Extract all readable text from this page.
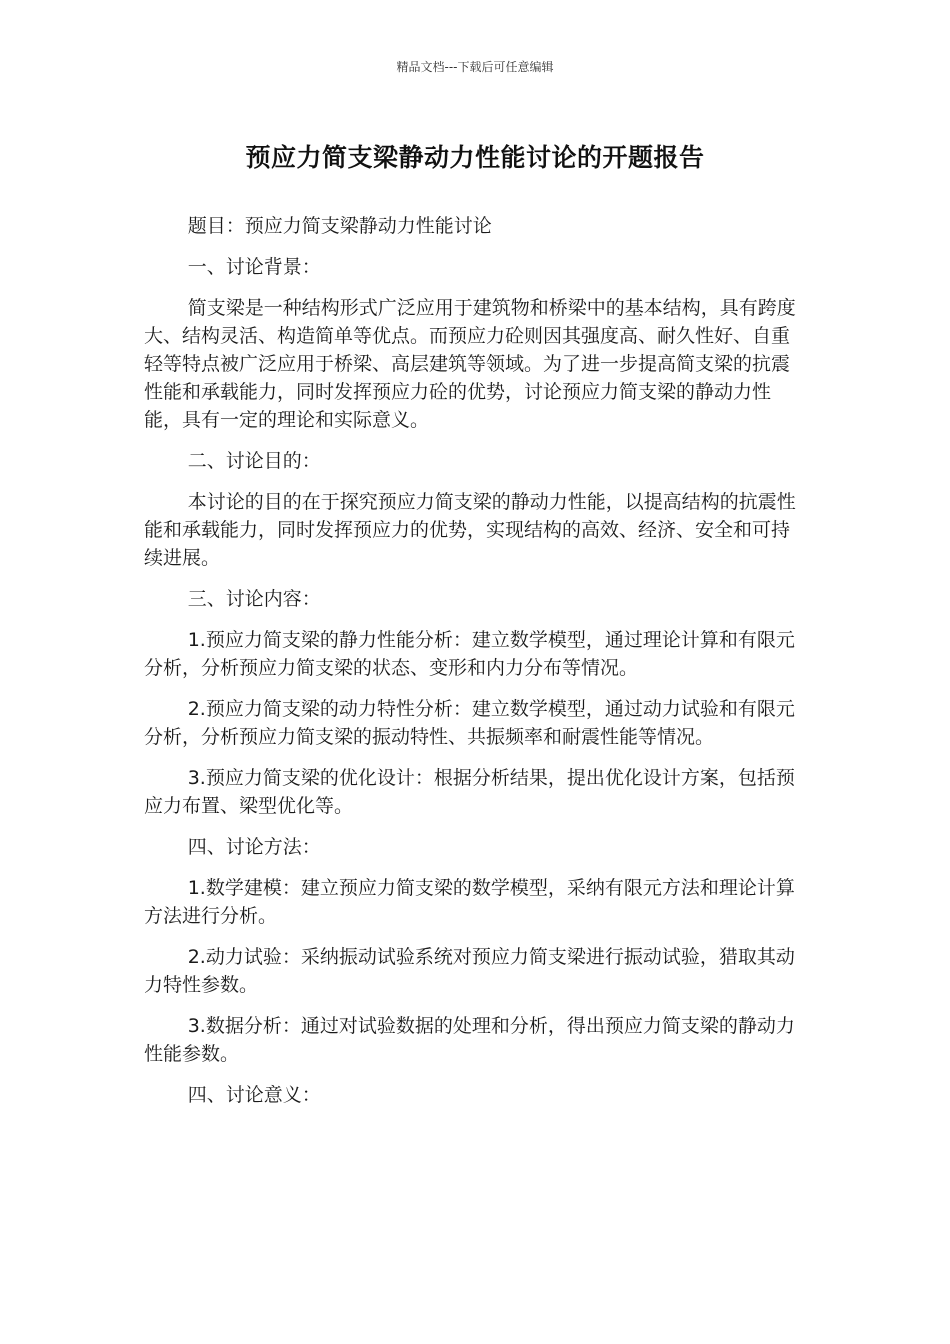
精品文档---下载后可任意编辑
预应力简支梁静动力性能讨论的开题报告

题目：预应力简支梁静动力性能讨论

一、讨论背景：

简支梁是一种结构形式广泛应用于建筑物和桥梁中的基本结构，具有跨度大、结构灵活、构造简单等优点。而预应力砼则因其强度高、耐久性好、自重轻等特点被广泛应用于桥梁、高层建筑等领域。为了进一步提高简支梁的抗震性能和承载能力，同时发挥预应力砼的优势，讨论预应力简支梁的静动力性能，具有一定的理论和实际意义。

二、讨论目的：

本讨论的目的在于探究预应力简支梁的静动力性能，以提高结构的抗震性能和承载能力，同时发挥预应力的优势，实现结构的高效、经济、安全和可持续进展。

三、讨论内容：

1.预应力简支梁的静力性能分析：建立数学模型，通过理论计算和有限元分析，分析预应力简支梁的状态、变形和内力分布等情况。

2.预应力简支梁的动力特性分析：建立数学模型，通过动力试验和有限元分析，分析预应力简支梁的振动特性、共振频率和耐震性能等情况。

3.预应力简支梁的优化设计：根据分析结果，提出优化设计方案，包括预应力布置、梁型优化等。

四、讨论方法：

1.数学建模：建立预应力简支梁的数学模型，采纳有限元方法和理论计算方法进行分析。

2.动力试验：采纳振动试验系统对预应力简支梁进行振动试验，猎取其动力特性参数。

3.数据分析：通过对试验数据的处理和分析，得出预应力简支梁的静动力性能参数。

四、讨论意义：
